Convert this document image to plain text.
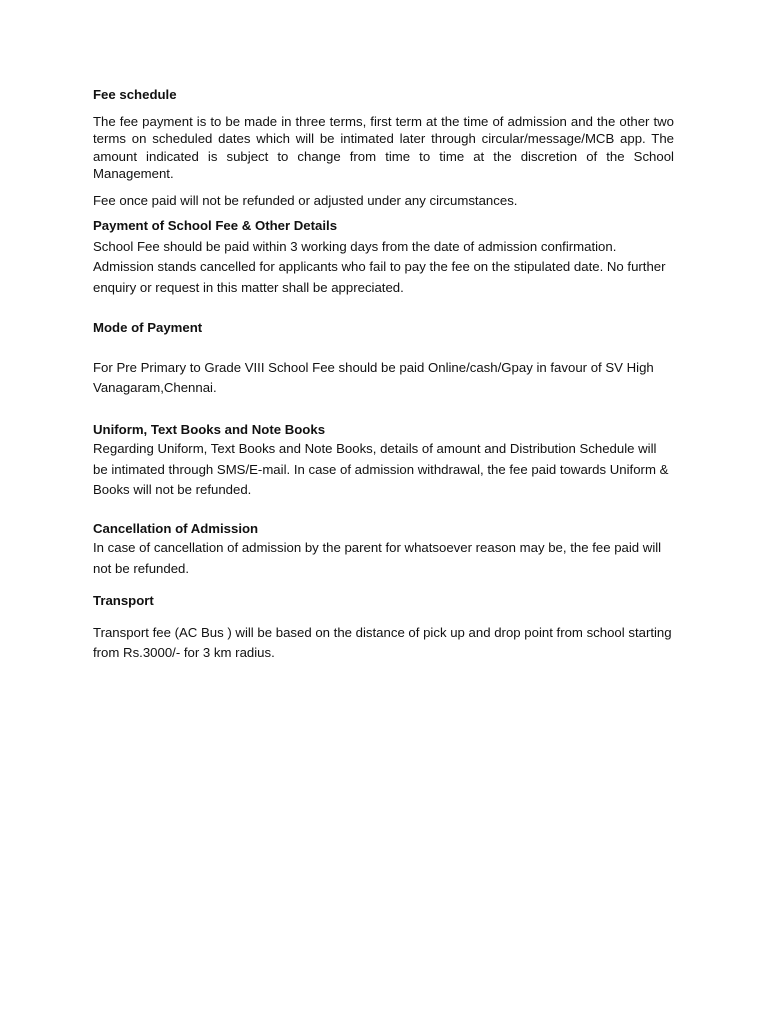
Fee schedule

The fee payment is to be made in three terms, first term at the time of admission and the other two terms on scheduled dates which will be intimated later through circular/message/MCB app. The amount indicated is subject to change from time to time at the discretion of the School Management.

Fee once paid will not be refunded or adjusted under any circumstances.

Payment of School Fee & Other Details

School Fee should be paid within 3 working days from the date of admission confirmation. Admission stands cancelled for applicants who fail to pay the fee on the stipulated date. No further enquiry or request in this matter shall be appreciated.

Mode of Payment

For Pre Primary to Grade VIII School Fee should be paid Online/cash/Gpay in favour of SV High Vanagaram,Chennai.

Uniform, Text Books and Note Books

Regarding Uniform, Text Books and Note Books, details of amount and Distribution Schedule will be intimated through SMS/E-mail. In case of admission withdrawal, the fee paid towards Uniform & Books will not be refunded.

Cancellation of Admission

In case of cancellation of admission by the parent for whatsoever reason may be, the fee paid will not be refunded.

Transport

Transport fee (AC Bus ) will be based on the distance of pick up and drop point from school starting from Rs.3000/- for 3 km radius.
